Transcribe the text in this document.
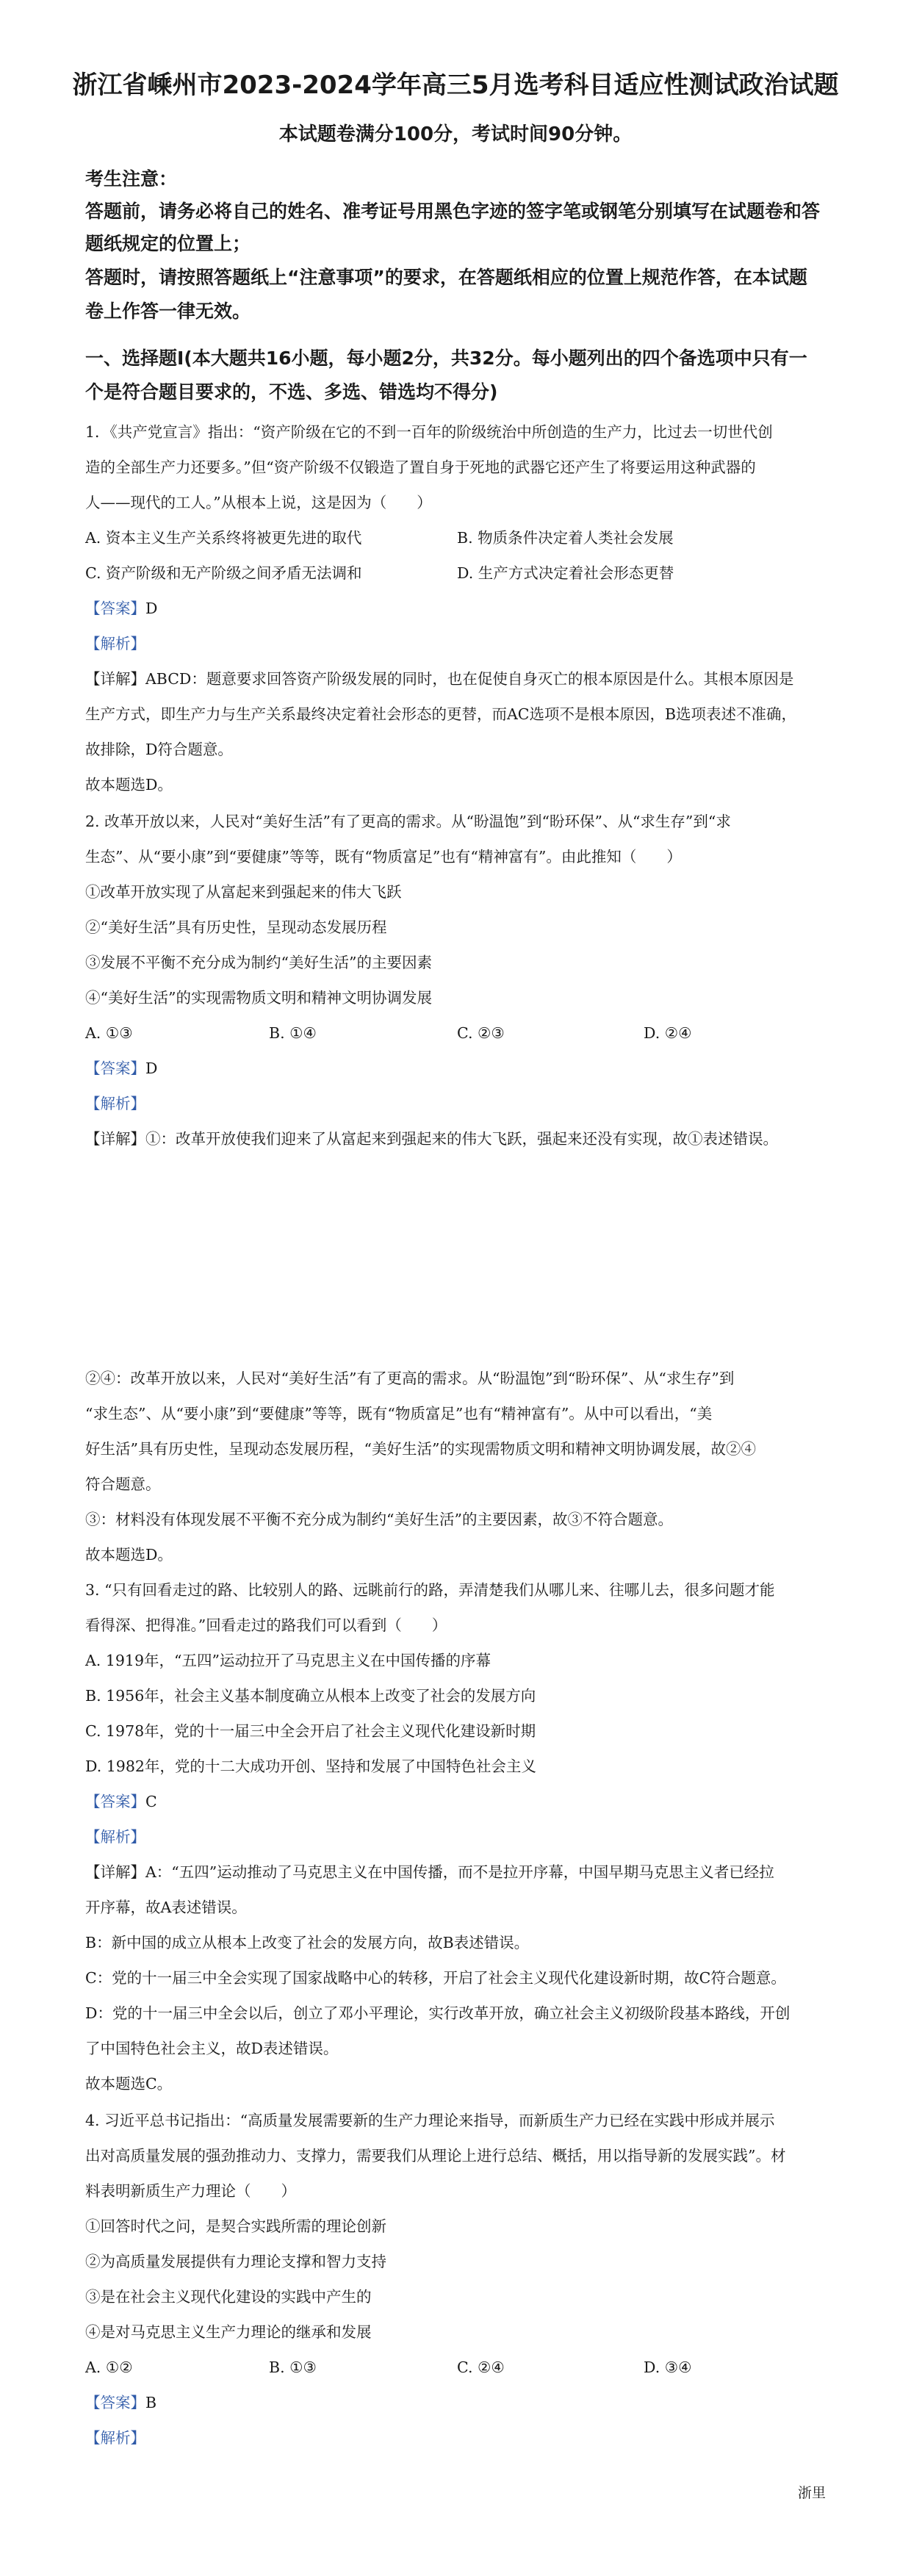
浙江省嵊州市2023-2024学年高三5月选考科目适应性测试政治试题
本试题卷满分100分，考试时间90分钟。
考生注意：
答题前，请务必将自己的姓名、准考证号用黑色字迹的签字笔或钢笔分别填写在试题卷和答
题纸规定的位置上；
答题时，请按照答题纸上“注意事项”的要求，在答题纸相应的位置上规范作答，在本试题
卷上作答一律无效。
一、选择题Ⅰ(本大题共16小题，每小题2分，共32分。每小题列出的四个备选项中只有一
个是符合题目要求的，不选、多选、错选均不得分)
1．《共产党宣言》指出：“资产阶级在它的不到一百年的阶级统治中所创造的生产力，比过去一切世代创
造的全部生产力还要多。”但“资产阶级不仅锻造了置自身于死地的武器它还产生了将要运用这种武器的
人——现代的工人。”从根本上说，这是因为（　　）
A. 资本主义生产关系终将被更先进的取代	B. 物质条件决定着人类社会发展
C. 资产阶级和无产阶级之间矛盾无法调和	D. 生产方式决定着社会形态更替
【答案】D
【解析】
【详解】ABCD：题意要求回答资产阶级发展的同时，也在促使自身灭亡的根本原因是什么。其根本原因是
生产方式，即生产力与生产关系最终决定着社会形态的更替，而AC选项不是根本原因，B选项表述不准确，
故排除，D符合题意。
故本题选D。
2. 改革开放以来，人民对“美好生活”有了更高的需求。从“盼温饱”到“盼环保”、从“求生存”到“求
生态”、从“要小康”到“要健康”等等，既有“物质富足”也有“精神富有”。由此推知（　　）
①改革开放实现了从富起来到强起来的伟大飞跃
②“美好生活”具有历史性，呈现动态发展历程
③发展不平衡不充分成为制约“美好生活”的主要因素
④“美好生活”的实现需物质文明和精神文明协调发展
A. ①③	B. ①④	C. ②③	D. ②④
【答案】D
【解析】
【详解】①：改革开放使我们迎来了从富起来到强起来的伟大飞跃，强起来还没有实现，故①表述错误。
②④：改革开放以来，人民对“美好生活”有了更高的需求。从“盼温饱”到“盼环保”、从“求生存”到
“求生态”、从“要小康”到“要健康”等等，既有“物质富足”也有“精神富有”。从中可以看出，“美
好生活”具有历史性，呈现动态发展历程，“美好生活”的实现需物质文明和精神文明协调发展，故②④
符合题意。
③：材料没有体现发展不平衡不充分成为制约“美好生活”的主要因素，故③不符合题意。
故本题选D。
3. “只有回看走过的路、比较别人的路、远眺前行的路，弄清楚我们从哪儿来、往哪儿去，很多问题才能
看得深、把得准。”回看走过的路我们可以看到（　　）
A. 1919年，“五四”运动拉开了马克思主义在中国传播的序幕
B. 1956年，社会主义基本制度确立从根本上改变了社会的发展方向
C. 1978年，党的十一届三中全会开启了社会主义现代化建设新时期
D. 1982年，党的十二大成功开创、坚持和发展了中国特色社会主义
【答案】C
【解析】
【详解】A：“五四”运动推动了马克思主义在中国传播，而不是拉开序幕，中国早期马克思主义者已经拉
开序幕，故A表述错误。
B：新中国的成立从根本上改变了社会的发展方向，故B表述错误。
C：党的十一届三中全会实现了国家战略中心的转移，开启了社会主义现代化建设新时期，故C符合题意。
D：党的十一届三中全会以后，创立了邓小平理论，实行改革开放，确立社会主义初级阶段基本路线，开创
了中国特色社会主义，故D表述错误。
故本题选C。
4. 习近平总书记指出：“高质量发展需要新的生产力理论来指导，而新质生产力已经在实践中形成并展示
出对高质量发展的强劲推动力、支撑力，需要我们从理论上进行总结、概括，用以指导新的发展实践”。材
料表明新质生产力理论（　　）
①回答时代之问，是契合实践所需的理论创新
②为高质量发展提供有力理论支撑和智力支持
③是在社会主义现代化建设的实践中产生的
④是对马克思主义生产力理论的继承和发展
A. ①②	B. ①③	C. ②④	D. ③④
【答案】B
【解析】
浙里
